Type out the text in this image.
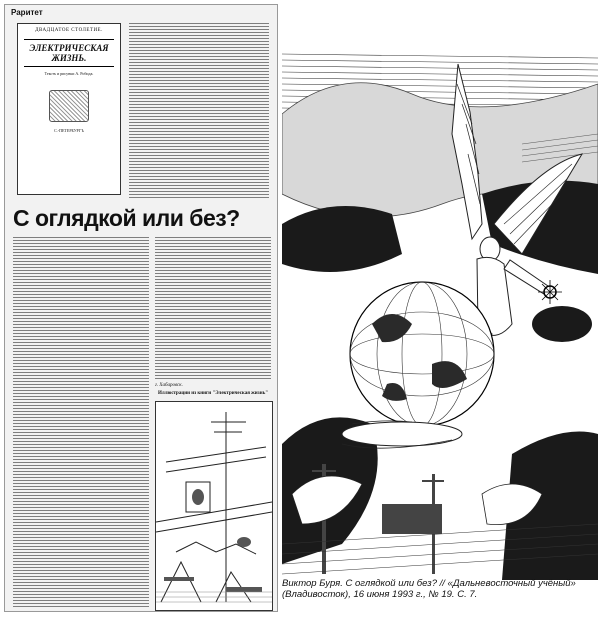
Раритет
ДВАДЦАТОЕ СТОЛЕТИЕ.
ЭЛЕКТРИЧЕСКАЯ ЖИЗНЬ.
Текстъ и рисунки А. Робида.
С.-ПЕТЕРБУРГЪ
С оглядкой или без?
г. Хабаровск.
Иллюстрации из книги "Электрическая жизнь"
Виктор Буря. С оглядкой или без? // «Дальневосточный учёный» (Владивосток), 16 июня 1993 г., № 19. С. 7.
